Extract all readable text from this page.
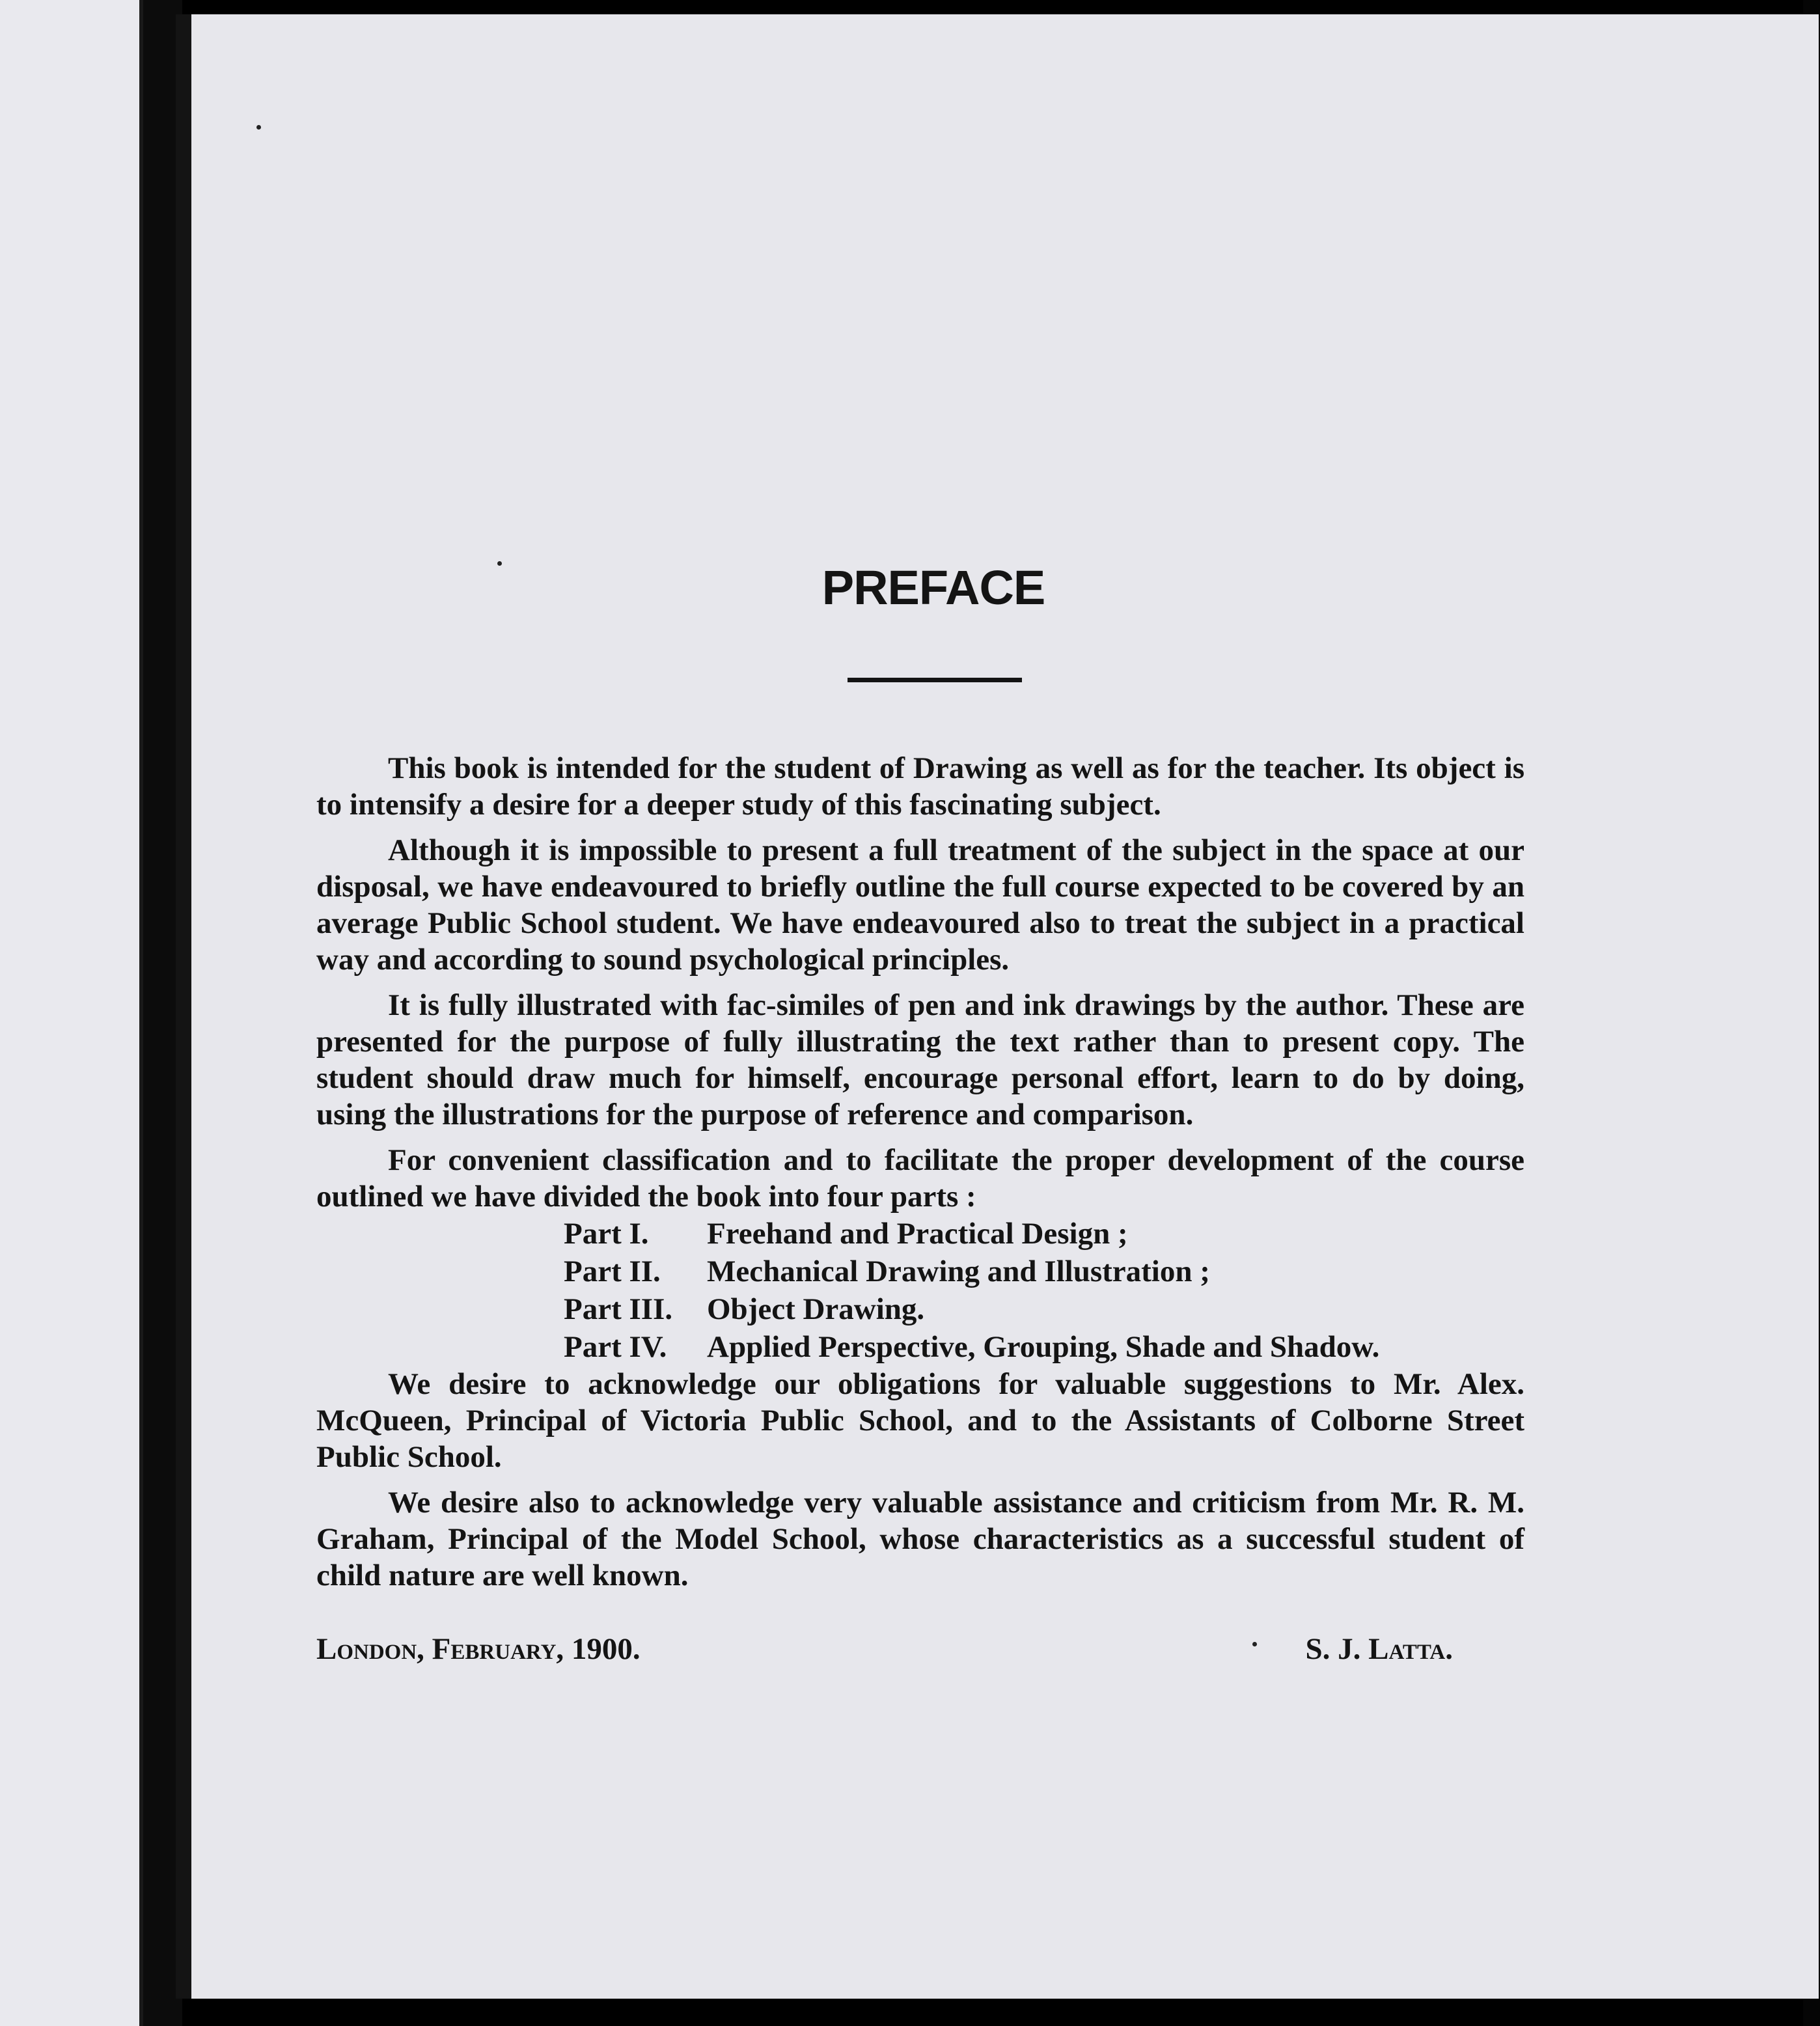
PREFACE

This book is intended for the student of Drawing as well as for the teacher. Its object is to intensify a desire for a deeper study of this fascinating subject.

Although it is impossible to present a full treatment of the subject in the space at our disposal, we have endeavoured to briefly outline the full course expected to be covered by an average Public School student. We have endeavoured also to treat the subject in a practical way and according to sound psychological principles.

It is fully illustrated with fac-similes of pen and ink drawings by the author. These are presented for the purpose of fully illustrating the text rather than to present copy. The student should draw much for himself, encourage personal effort, learn to do by doing, using the illustrations for the purpose of reference and comparison.

For convenient classification and to facilitate the proper development of the course outlined we have divided the book into four parts :

Part I.	Freehand and Practical Design ;
Part II.	Mechanical Drawing and Illustration ;
Part III.	Object Drawing.
Part IV.	Applied Perspective, Grouping, Shade and Shadow.

We desire to acknowledge our obligations for valuable suggestions to Mr. Alex. McQueen, Principal of Victoria Public School, and to the Assistants of Colborne Street Public School.

We desire also to acknowledge very valuable assistance and criticism from Mr. R. M. Graham, Principal of the Model School, whose characteristics as a successful student of child nature are well known.

London, February, 1900.	S. J. Latta.
